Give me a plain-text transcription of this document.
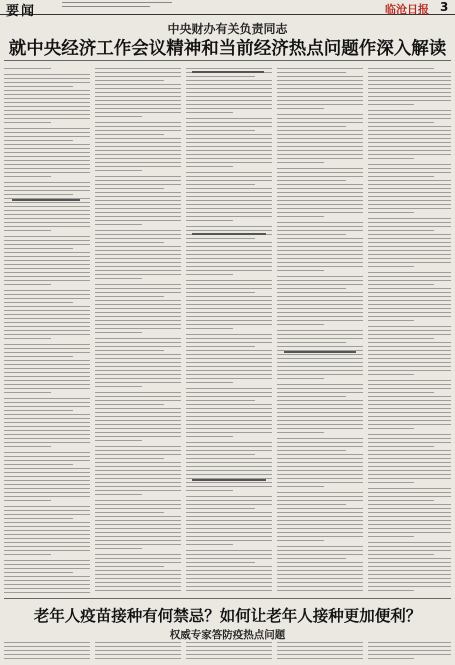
要闻	临沧日报 3
中央财办有关负责同志
就中央经济工作会议精神和当前经济热点问题作深入解读
老年人疫苗接种有何禁忌？如何让老年人接种更加便利？
权威专家答防疫热点问题
